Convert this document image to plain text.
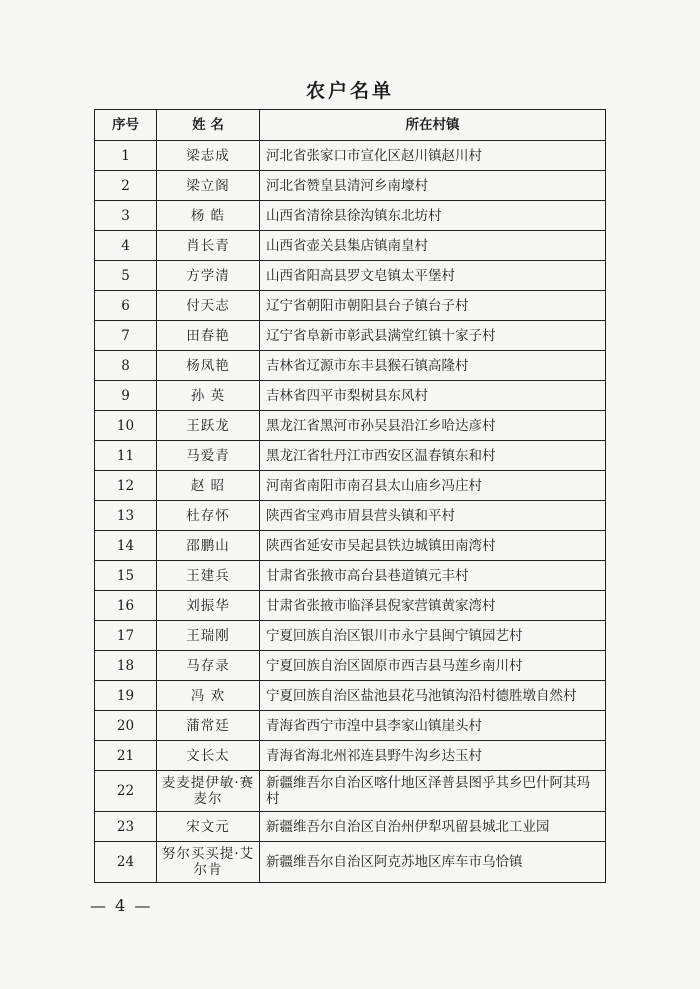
农户名单
序号	姓 名	所在村镇
1	梁志成	河北省张家口市宣化区赵川镇赵川村
2	梁立阁	河北省赞皇县清河乡南壕村
3	杨 皓	山西省清徐县徐沟镇东北坊村
4	肖长青	山西省壶关县集店镇南皇村
5	方学清	山西省阳高县罗文皂镇太平堡村
6	付天志	辽宁省朝阳市朝阳县台子镇台子村
7	田春艳	辽宁省阜新市彰武县满堂红镇十家子村
8	杨凤艳	吉林省辽源市东丰县猴石镇高隆村
9	孙 英	吉林省四平市梨树县东风村
10	王跃龙	黑龙江省黑河市孙吴县沿江乡哈达彦村
11	马爱青	黑龙江省牡丹江市西安区温春镇东和村
12	赵 昭	河南省南阳市南召县太山庙乡冯庄村
13	杜存怀	陕西省宝鸡市眉县营头镇和平村
14	邵鹏山	陕西省延安市吴起县铁边城镇田南湾村
15	王建兵	甘肃省张掖市高台县巷道镇元丰村
16	刘振华	甘肃省张掖市临泽县倪家营镇黄家湾村
17	王瑞刚	宁夏回族自治区银川市永宁县闽宁镇园艺村
18	马存录	宁夏回族自治区固原市西吉县马莲乡南川村
19	冯 欢	宁夏回族自治区盐池县花马池镇沟沿村德胜墩自然村
20	蒲常廷	青海省西宁市湟中县李家山镇崖头村
21	文长太	青海省海北州祁连县野牛沟乡达玉村
22	麦麦提伊敏·赛麦尔	新疆维吾尔自治区喀什地区泽普县图乎其乡巴什阿其玛村
23	宋文元	新疆维吾尔自治区自治州伊犁巩留县城北工业园
24	努尔买买提·艾尔肯	新疆维吾尔自治区阿克苏地区库车市乌恰镇
— 4 —
